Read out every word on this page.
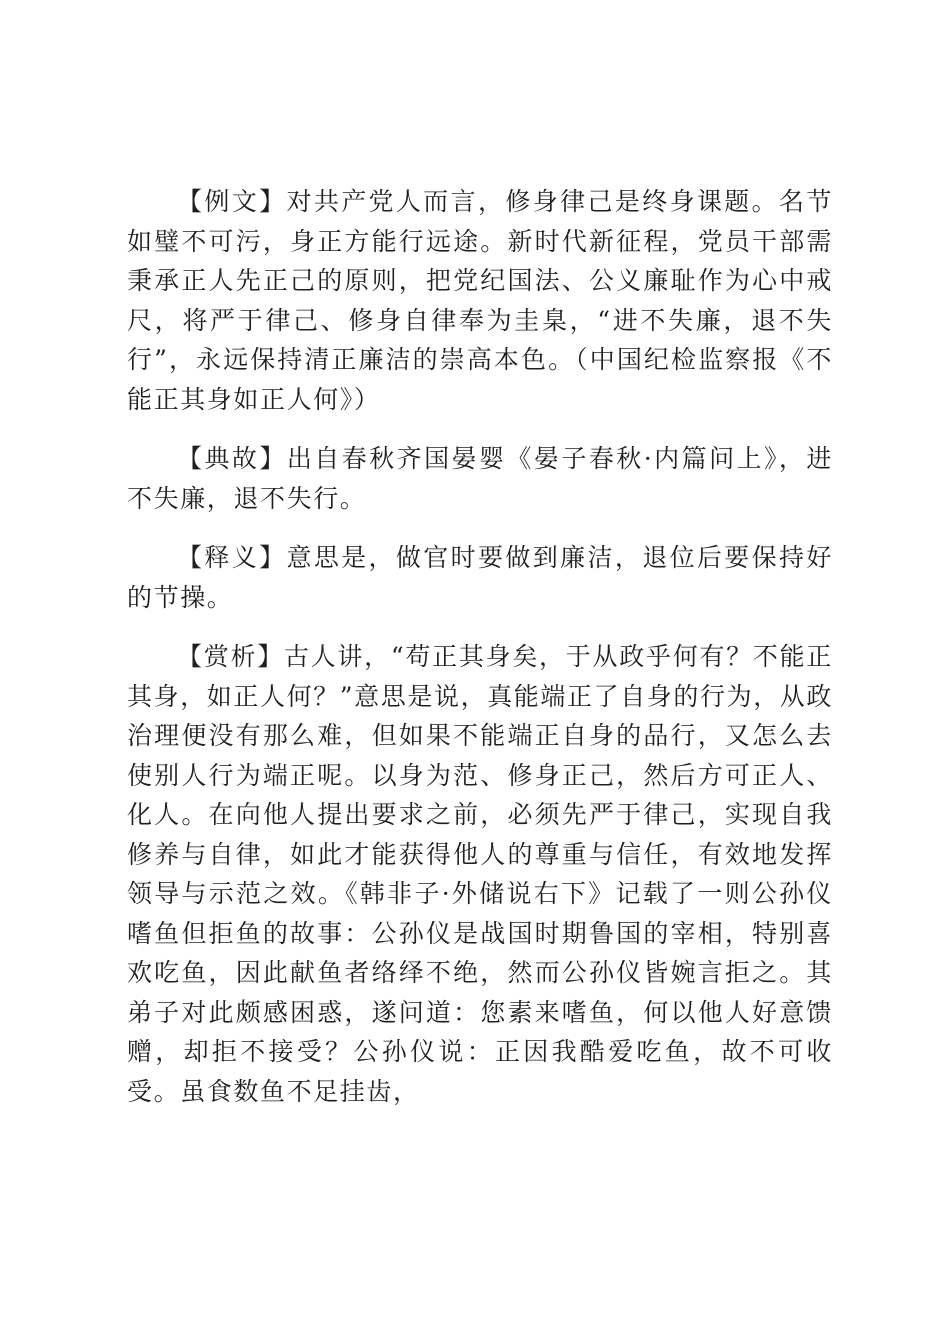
【例文】对共产党人而言，修身律己是终身课题。名节如璧不可污，身正方能行远途。新时代新征程，党员干部需秉承正人先正己的原则，把党纪国法、公义廉耻作为心中戒尺，将严于律己、修身自律奉为圭臬，“进不失廉，退不失行”，永远保持清正廉洁的崇高本色。（中国纪检监察报《不能正其身如正人何》）

【典故】出自春秋齐国晏婴《晏子春秋·内篇问上》，进不失廉，退不失行。

【释义】意思是，做官时要做到廉洁，退位后要保持好的节操。

【赏析】古人讲，“苟正其身矣，于从政乎何有？不能正其身，如正人何？”意思是说，真能端正了自身的行为，从政治理便没有那么难，但如果不能端正自身的品行，又怎么去使别人行为端正呢。以身为范、修身正己，然后方可正人、化人。在向他人提出要求之前，必须先严于律己，实现自我修养与自律，如此才能获得他人的尊重与信任，有效地发挥领导与示范之效。《韩非子·外储说右下》记载了一则公孙仪嗜鱼但拒鱼的故事：公孙仪是战国时期鲁国的宰相，特别喜欢吃鱼，因此献鱼者络绎不绝，然而公孙仪皆婉言拒之。其弟子对此颇感困惑，遂问道：您素来嗜鱼，何以他人好意馈赠，却拒不接受？公孙仪说：正因我酷爱吃鱼，故不可收受。虽食数鱼不足挂齿，
